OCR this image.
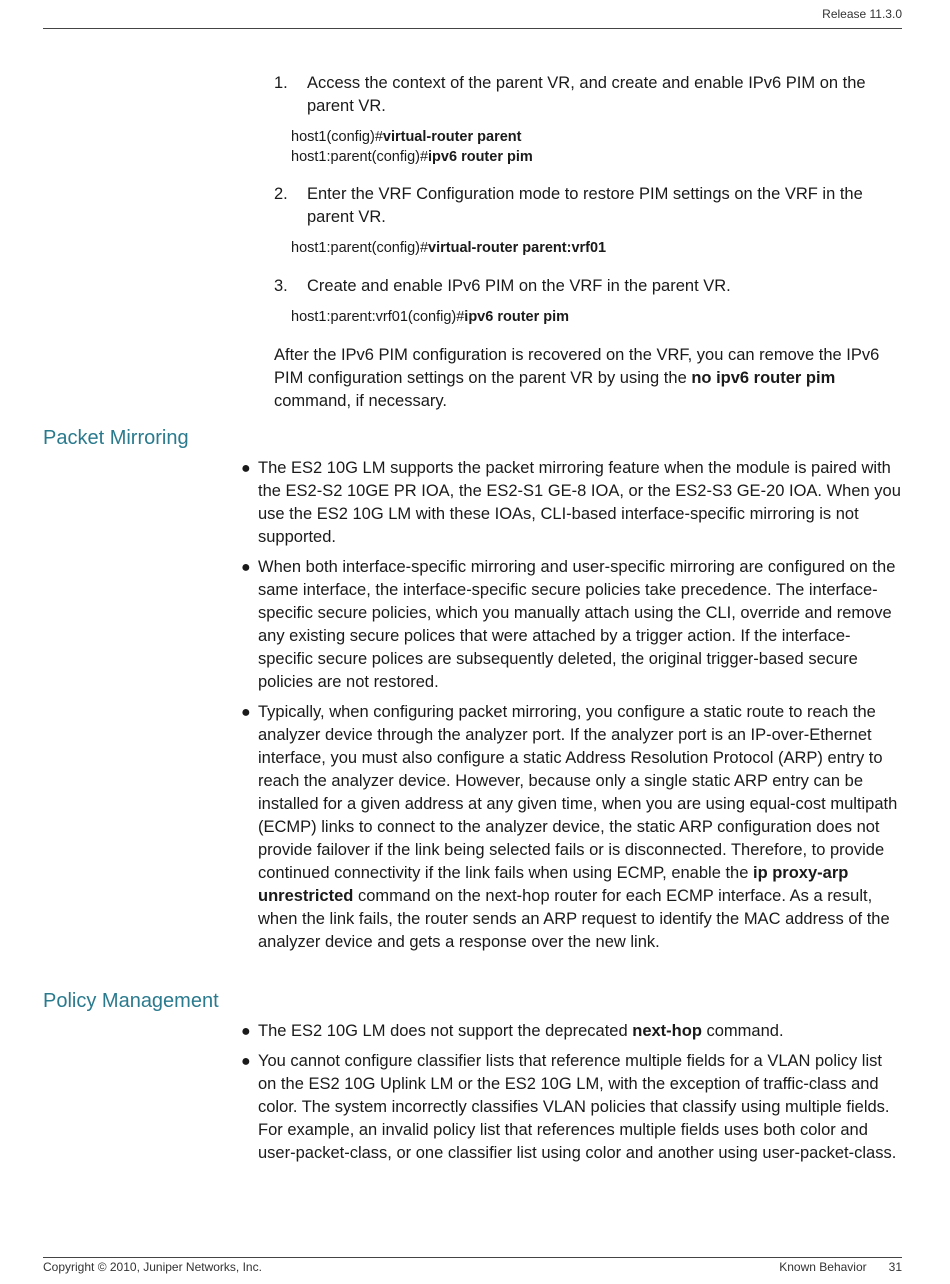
Release 11.3.0
1. Access the context of the parent VR, and create and enable IPv6 PIM on the parent VR.
host1(config)#virtual-router parent
host1:parent(config)#ipv6 router pim
2. Enter the VRF Configuration mode to restore PIM settings on the VRF in the parent VR.
host1:parent(config)#virtual-router parent:vrf01
3. Create and enable IPv6 PIM on the VRF in the parent VR.
host1:parent:vrf01(config)#ipv6 router pim
After the IPv6 PIM configuration is recovered on the VRF, you can remove the IPv6 PIM configuration settings on the parent VR by using the no ipv6 router pim command, if necessary.
Packet Mirroring
● The ES2 10G LM supports the packet mirroring feature when the module is paired with the ES2-S2 10GE PR IOA, the ES2-S1 GE-8 IOA, or the ES2-S3 GE-20 IOA. When you use the ES2 10G LM with these IOAs, CLI-based interface-specific mirroring is not supported.
● When both interface-specific mirroring and user-specific mirroring are configured on the same interface, the interface-specific secure policies take precedence. The interface-specific secure policies, which you manually attach using the CLI, override and remove any existing secure polices that were attached by a trigger action. If the interface-specific secure polices are subsequently deleted, the original trigger-based secure policies are not restored.
● Typically, when configuring packet mirroring, you configure a static route to reach the analyzer device through the analyzer port. If the analyzer port is an IP-over-Ethernet interface, you must also configure a static Address Resolution Protocol (ARP) entry to reach the analyzer device. However, because only a single static ARP entry can be installed for a given address at any given time, when you are using equal-cost multipath (ECMP) links to connect to the analyzer device, the static ARP configuration does not provide failover if the link being selected fails or is disconnected. Therefore, to provide continued connectivity if the link fails when using ECMP, enable the ip proxy-arp unrestricted command on the next-hop router for each ECMP interface. As a result, when the link fails, the router sends an ARP request to identify the MAC address of the analyzer device and gets a response over the new link.
Policy Management
● The ES2 10G LM does not support the deprecated next-hop command.
● You cannot configure classifier lists that reference multiple fields for a VLAN policy list on the ES2 10G Uplink LM or the ES2 10G LM, with the exception of traffic-class and color. The system incorrectly classifies VLAN policies that classify using multiple fields. For example, an invalid policy list that references multiple fields uses both color and user-packet-class, or one classifier list using color and another using user-packet-class.
Copyright © 2010, Juniper Networks, Inc.	Known Behavior 31
